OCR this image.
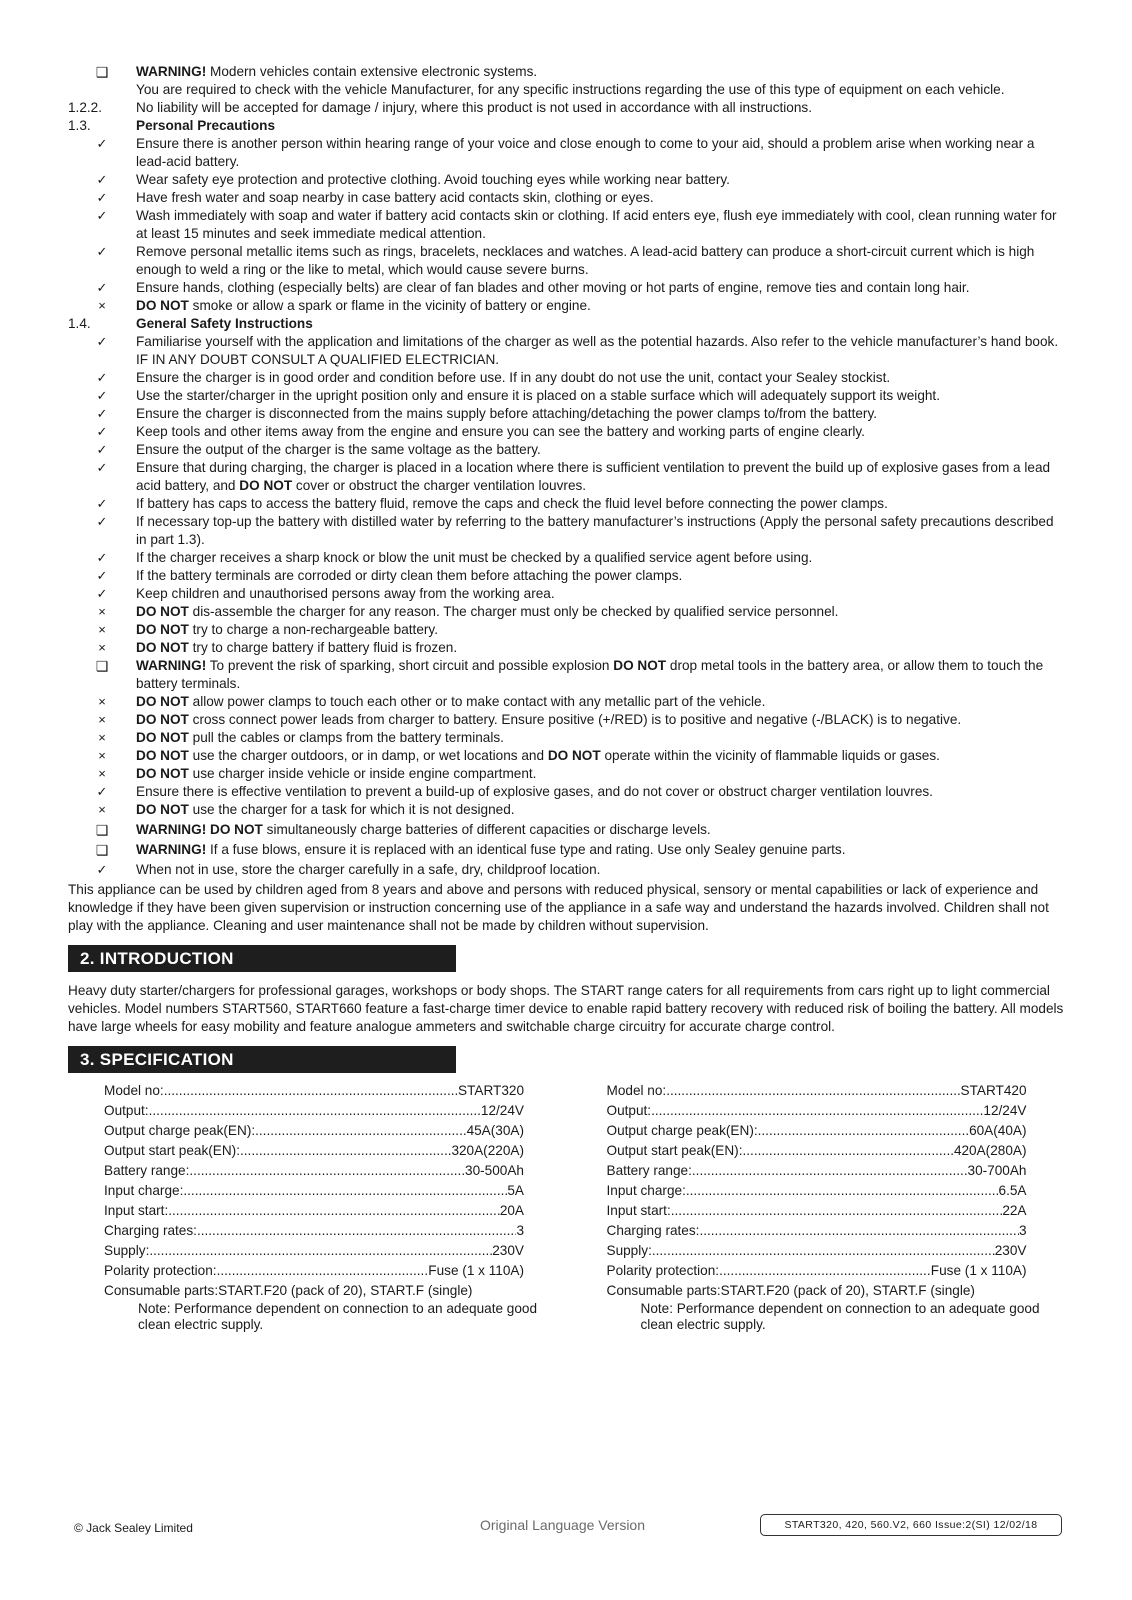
❑	WARNING! Modern vehicles contain extensive electronic systems.
You are required to check with the vehicle Manufacturer, for any specific instructions regarding the use of this type of equipment on each vehicle.
1.2.2.	No liability will be accepted for damage / injury, where this product is not used in accordance with all instructions.
1.3.	Personal Precautions
✓	Ensure there is another person within hearing range of your voice and close enough to come to your aid, should a problem arise when working near a lead-acid battery.
✓	Wear safety eye protection and protective clothing. Avoid touching eyes while working near battery.
✓	Have fresh water and soap nearby in case battery acid contacts skin, clothing or eyes.
✓	Wash immediately with soap and water if battery acid contacts skin or clothing. If acid enters eye, flush eye immediately with cool, clean running water for at least 15 minutes and seek immediate medical attention.
✓	Remove personal metallic items such as rings, bracelets, necklaces and watches. A lead-acid battery can produce a short-circuit current which is high enough to weld a ring or the like to metal, which would cause severe burns.
✓	Ensure hands, clothing (especially belts) are clear of fan blades and other moving or hot parts of engine, remove ties and contain long hair.
×	DO NOT smoke or allow a spark or flame in the vicinity of battery or engine.
1.4.	General Safety Instructions
✓	Familiarise yourself with the application and limitations of the charger as well as the potential hazards. Also refer to the vehicle manufacturer’s hand book. IF IN ANY DOUBT CONSULT A QUALIFIED ELECTRICIAN.
✓	Ensure the charger is in good order and condition before use. If in any doubt do not use the unit, contact your Sealey stockist.
✓	Use the starter/charger in the upright position only and ensure it is placed on a stable surface which will adequately support its weight.
✓	Ensure the charger is disconnected from the mains supply before attaching/detaching the power clamps to/from the battery.
✓	Keep tools and other items away from the engine and ensure you can see the battery and working parts of engine clearly.
✓	Ensure the output of the charger is the same voltage as the battery.
✓	Ensure that during charging, the charger is placed in a location where there is sufficient ventilation to prevent the build up of explosive gases from a lead acid battery, and DO NOT cover or obstruct the charger ventilation louvres.
✓	If battery has caps to access the battery fluid, remove the caps and check the fluid level before connecting the power clamps.
✓	If necessary top-up the battery with distilled water by referring to the battery manufacturer’s instructions (Apply the personal safety precautions described in part 1.3).
✓	If the charger receives a sharp knock or blow the unit must be checked by a qualified service agent before using.
✓	If the battery terminals are corroded or dirty clean them before attaching the power clamps.
✓	Keep children and unauthorised persons away from the working area.
×	DO NOT dis-assemble the charger for any reason. The charger must only be checked by qualified service personnel.
×	DO NOT try to charge a non-rechargeable battery.
×	DO NOT try to charge battery if battery fluid is frozen.
❑	WARNING! To prevent the risk of sparking, short circuit and possible explosion DO NOT drop metal tools in the battery area, or allow them to touch the battery terminals.
×	DO NOT allow power clamps to touch each other or to make contact with any metallic part of the vehicle.
×	DO NOT cross connect power leads from charger to battery. Ensure positive (+/RED) is to positive and negative (-/BLACK) is to negative.
×	DO NOT pull the cables or clamps from the battery terminals.
×	DO NOT use the charger outdoors, or in damp, or wet locations and DO NOT operate within the vicinity of flammable liquids or gases.
×	DO NOT use charger inside vehicle or inside engine compartment.
✓	Ensure there is effective ventilation to prevent a build-up of explosive gases, and do not cover or obstruct charger ventilation louvres.
×	DO NOT use the charger for a task for which it is not designed.
❑	WARNING! DO NOT simultaneously charge batteries of different capacities or discharge levels.
❑	WARNING! If a fuse blows, ensure it is replaced with an identical fuse type and rating. Use only Sealey genuine parts.
✓	When not in use, store the charger carefully in a safe, dry, childproof location.
This appliance can be used by children aged from 8 years and above and persons with reduced physical, sensory or mental capabilities or lack of experience and knowledge if they have been given supervision or instruction concerning use of the appliance in a safe way and understand the hazards involved. Children shall not play with the appliance. Cleaning and user maintenance shall not be made by children without supervision.
2. INTRODUCTION
Heavy duty starter/chargers for professional garages, workshops or body shops. The START range caters for all requirements from cars right up to light commercial vehicles. Model numbers START560, START660 feature a fast-charge timer device to enable rapid battery recovery with reduced risk of boiling the battery. All models have large wheels for easy mobility and feature analogue ammeters and switchable charge circuitry for accurate charge control.
3. SPECIFICATION
Model no: .....	START320
Output: .....	12/24V
Output charge peak(EN): .....	45A(30A)
Output start peak(EN): .....	320A(220A)
Battery range: .....	30-500Ah
Input charge: .....	5A
Input start: .....	20A
Charging rates: .....	3
Supply: .....	230V
Polarity protection: .....	Fuse (1 x 110A)
Consumable parts:START.F20 (pack of 20), START.F (single)
Note: Performance dependent on connection to an adequate good clean electric supply.
Model no: .....	START420
Output: .....	12/24V
Output charge peak(EN): .....	60A(40A)
Output start peak(EN): .....	420A(280A)
Battery range: .....	30-700Ah
Input charge: .....	6.5A
Input start: .....	22A
Charging rates: .....	3
Supply: .....	230V
Polarity protection: .....	Fuse (1 x 110A)
Consumable parts:START.F20 (pack of 20), START.F (single)
Note: Performance dependent on connection to an adequate good clean electric supply.
© Jack Sealey Limited	Original Language Version	START320, 420, 560.V2, 660 Issue:2(SI) 12/02/18
